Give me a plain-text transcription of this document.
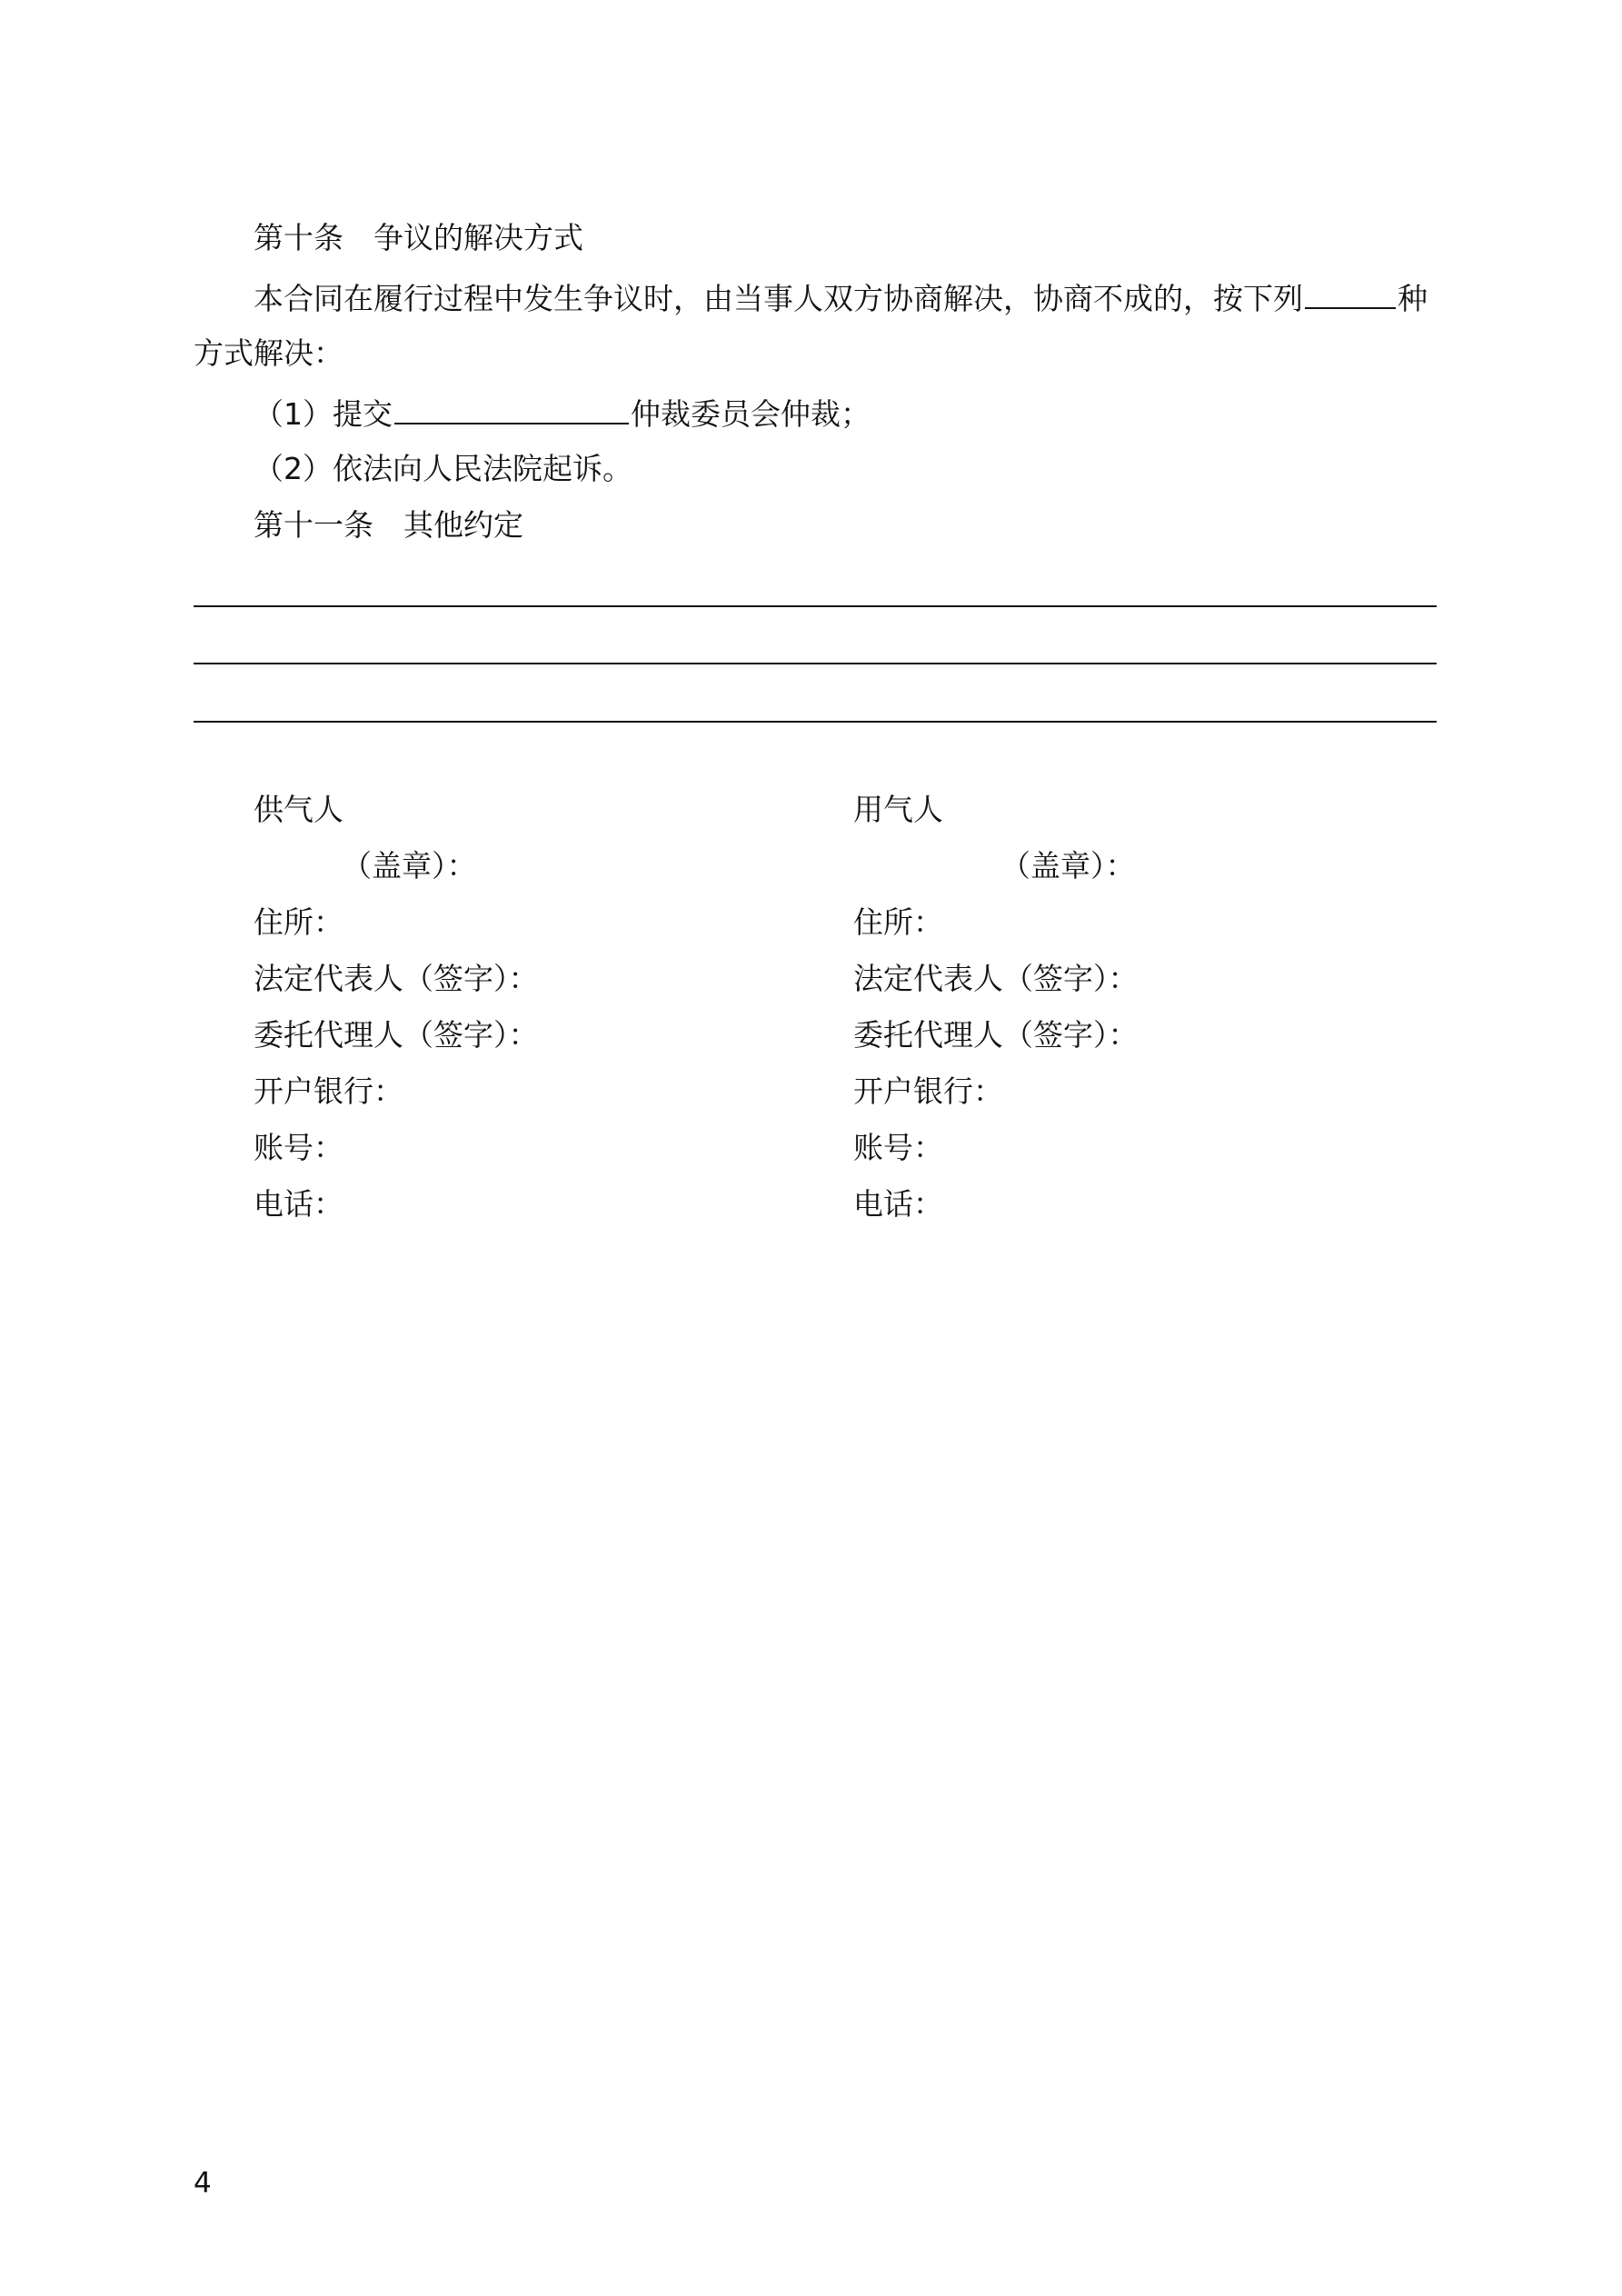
第十条　争议的解决方式
本合同在履行过程中发生争议时，由当事人双方协商解决，协商不成的，按下列	种
方式解决：
（1）提交	仲裁委员会仲裁；
（2）依法向人民法院起诉。
第十一条　其他约定
供气人
（盖章）：
住所：
法定代表人（签字）：
委托代理人（签字）：
开户银行：
账号：
电话：
用气人
（盖章）：
住所：
法定代表人（签字）：
委托代理人（签字）：
开户银行：
账号：
电话：
4
